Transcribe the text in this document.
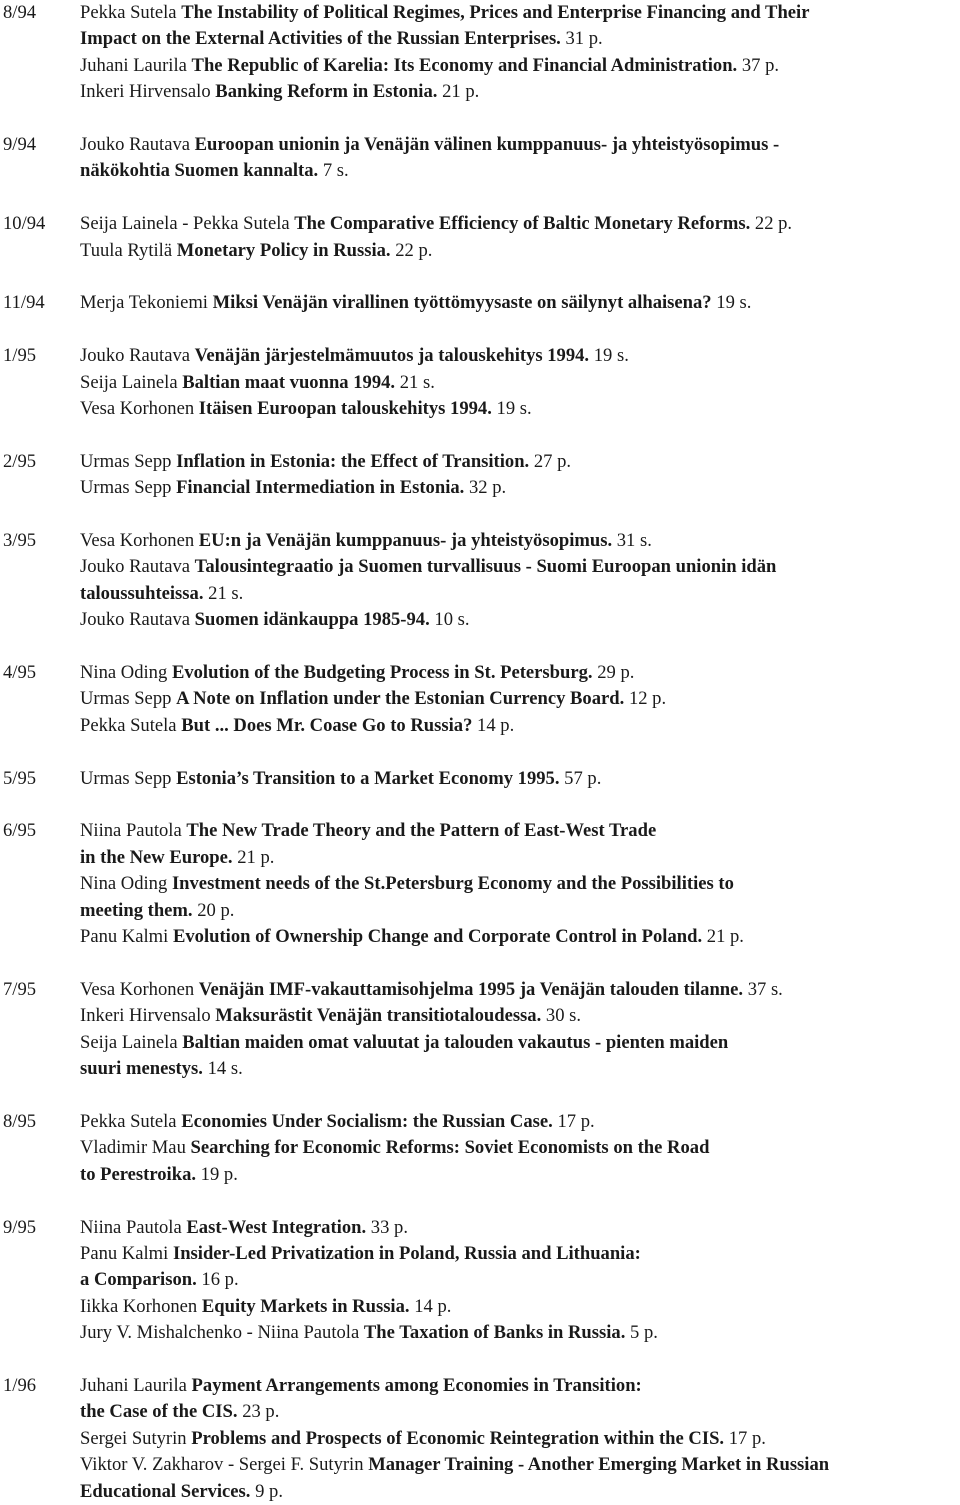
8/94	Pekka Sutela The Instability of Political Regimes, Prices and Enterprise Financing and Their
Impact on the External Activities of the Russian Enterprises. 31 p.
Juhani Laurila The Republic of Karelia: Its Economy and Financial Administration. 37 p.
Inkeri Hirvensalo Banking Reform in Estonia. 21 p.
9/94	Jouko Rautava Euroopan unionin ja Venäjän välinen kumppanuus- ja yhteistyösopimus -
näkökohtia Suomen kannalta. 7 s.
10/94	Seija Lainela - Pekka Sutela The Comparative Efficiency of Baltic Monetary Reforms. 22 p.
Tuula Rytilä Monetary Policy in Russia. 22 p.
11/94	Merja Tekoniemi Miksi Venäjän virallinen työttömyysaste on säilynyt alhaisena? 19 s.
1/95	Jouko Rautava Venäjän järjestelmämuutos ja talouskehitys 1994. 19 s.
Seija Lainela Baltian maat vuonna 1994. 21 s.
Vesa Korhonen Itäisen Euroopan talouskehitys 1994. 19 s.
2/95	Urmas Sepp Inflation in Estonia: the Effect of Transition. 27 p.
Urmas Sepp Financial Intermediation in Estonia. 32 p.
3/95	Vesa Korhonen EU:n ja Venäjän kumppanuus- ja yhteistyösopimus. 31 s.
Jouko Rautava Talousintegraatio ja Suomen turvallisuus - Suomi Euroopan unionin idän
taloussuhteissa. 21 s.
Jouko Rautava Suomen idänkauppa 1985-94. 10 s.
4/95	Nina Oding Evolution of the Budgeting Process in St. Petersburg. 29 p.
Urmas Sepp A Note on Inflation under the Estonian Currency Board. 12 p.
Pekka Sutela But ... Does Mr. Coase Go to Russia? 14 p.
5/95	Urmas Sepp Estonia’s Transition to a Market Economy 1995. 57 p.
6/95	Niina Pautola The New Trade Theory and the Pattern of East-West Trade
in the New Europe. 21 p.
Nina Oding Investment needs of the St.Petersburg Economy and the Possibilities to
meeting them. 20 p.
Panu Kalmi Evolution of Ownership Change and Corporate Control in Poland. 21 p.
7/95	Vesa Korhonen Venäjän IMF-vakauttamisohjelma 1995 ja Venäjän talouden tilanne. 37 s.
Inkeri Hirvensalo Maksurästit Venäjän transitiotaloudessa. 30 s.
Seija Lainela Baltian maiden omat valuutat ja talouden vakautus - pienten maiden
suuri menestys. 14 s.
8/95	Pekka Sutela Economies Under Socialism: the Russian Case. 17 p.
Vladimir Mau Searching for Economic Reforms: Soviet Economists on the Road
to Perestroika. 19 p.
9/95	Niina Pautola East-West Integration. 33 p.
Panu Kalmi Insider-Led Privatization in Poland, Russia and Lithuania:
a Comparison. 16 p.
Iikka Korhonen Equity Markets in Russia. 14 p.
Jury V. Mishalchenko - Niina Pautola The Taxation of Banks in Russia. 5 p.
1/96	Juhani Laurila Payment Arrangements among Economies in Transition:
the Case of the CIS. 23 p.
Sergei Sutyrin Problems and Prospects of Economic Reintegration within the CIS. 17 p.
Viktor V. Zakharov - Sergei F. Sutyrin Manager Training - Another Emerging Market in Russian
Educational Services. 9 p.
